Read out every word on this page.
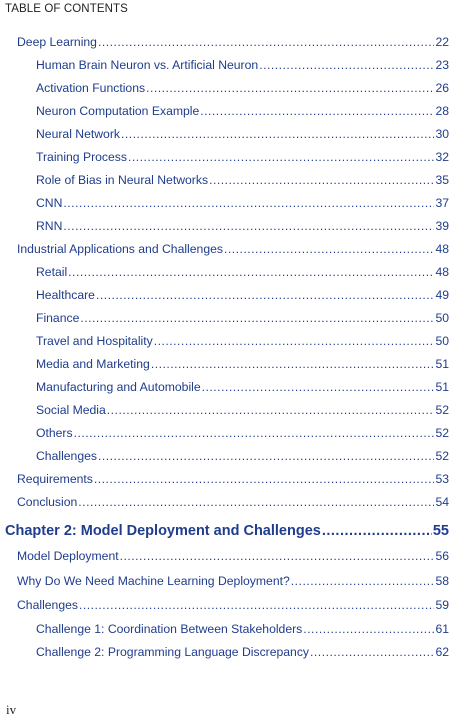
TABLE OF CONTENTS
Deep Learning .....	22
Human Brain Neuron vs. Artificial Neuron .....	23
Activation Functions .....	26
Neuron Computation Example .....	28
Neural Network .....	30
Training Process .....	32
Role of Bias in Neural Networks .....	35
CNN .....	37
RNN .....	39
Industrial Applications and Challenges .....	48
Retail .....	48
Healthcare .....	49
Finance .....	50
Travel and Hospitality .....	50
Media and Marketing .....	51
Manufacturing and Automobile .....	51
Social Media .....	52
Others .....	52
Challenges .....	52
Requirements .....	53
Conclusion .....	54
Chapter 2: Model Deployment and Challenges .....	55
Model Deployment .....	56
Why Do We Need Machine Learning Deployment? .....	58
Challenges .....	59
Challenge 1: Coordination Between Stakeholders .....	61
Challenge 2: Programming Language Discrepancy .....	62
iv
